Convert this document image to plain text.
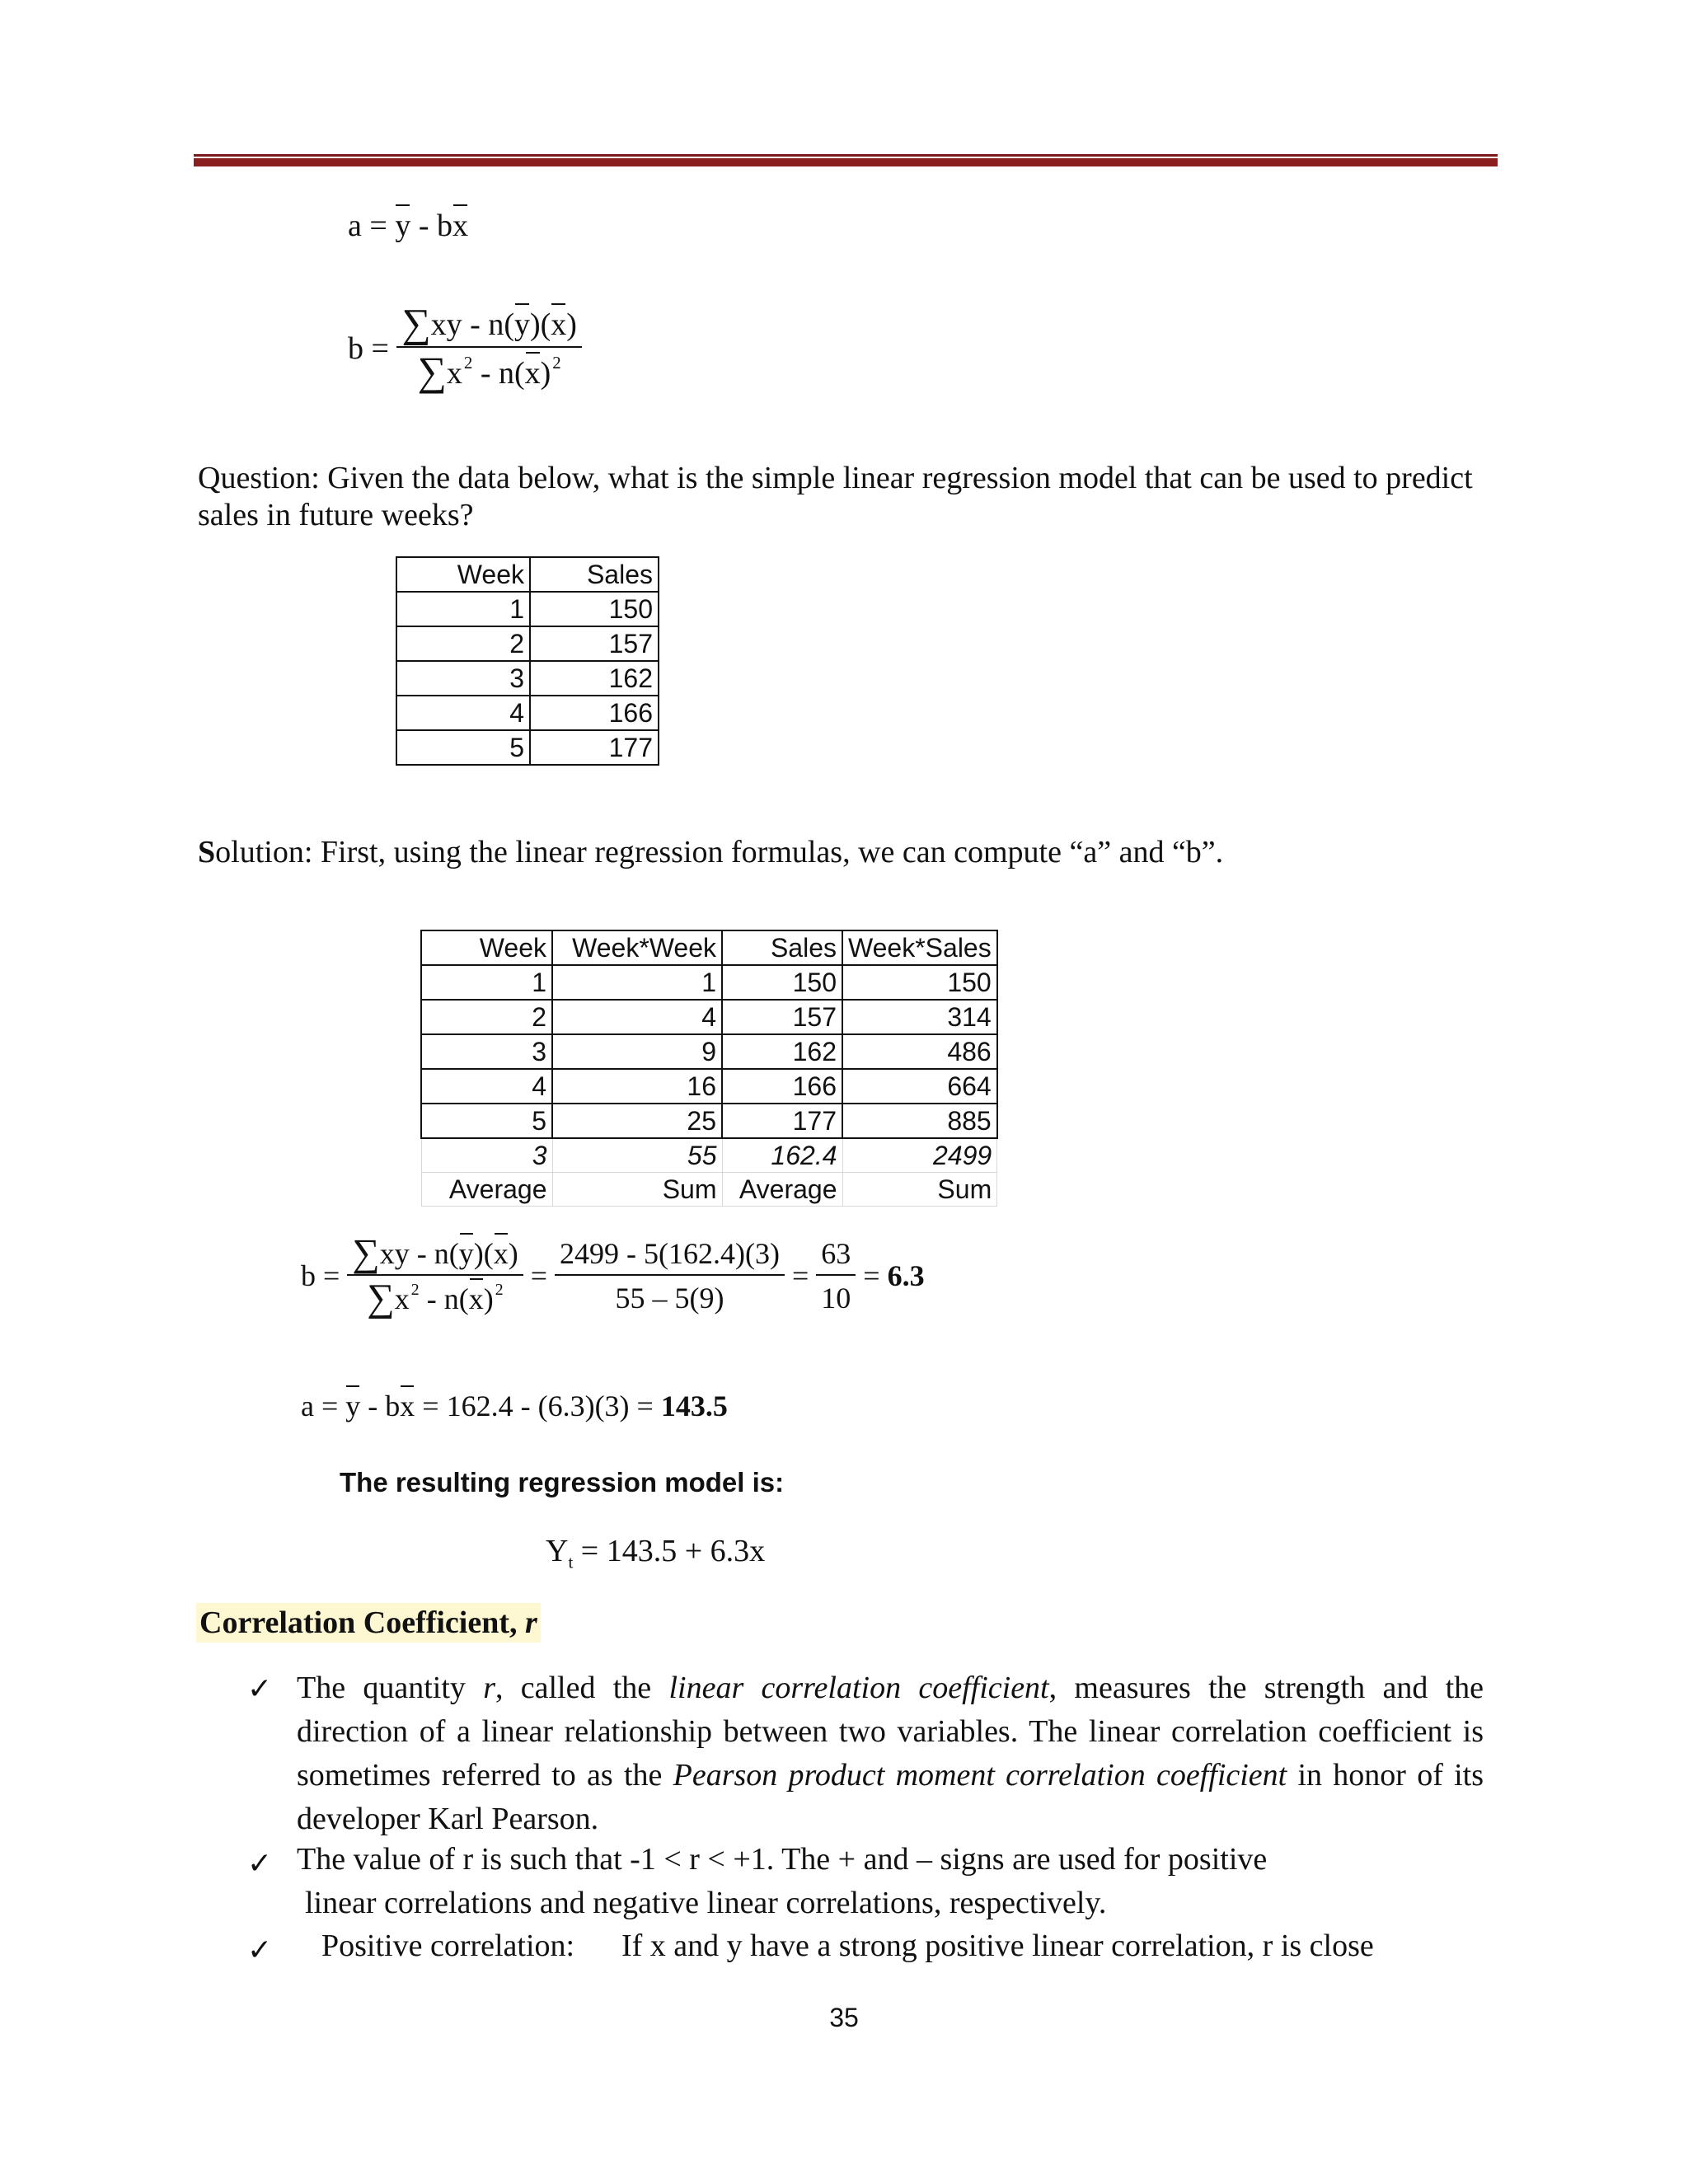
a
=
y
-
b x
b
=
$\frac{\sum xy - n(y)(x)}{\sum x^2 - n(x)^2}$
Question: Given the data below, what is the simple linear regression model that can be used to predict sales in future weeks?
Week	Sales
1	150
2	157
3	162
4	166
5	177
Solution: First, using the linear regression formulas, we can compute “a” and “b”.
Week	Week*Week	Sales	Week*Sales
1	1	150	150
2	4	157	314
3	9	162	486
4	16	166	664
5	25	177	885
3	55	162.4	2499
Average	Sum	Average	Sum
b
=
$\frac{\sum xy - n(y)(x)}{\sum x ^2 - n(x) ^2}$
=
$\frac{2499 - 5(162.4)(3)}{55 - 5(9)}$
=
$\frac{63}{10}$
=
6.3
a
=
y
-
b x
= 162.4 - (6.3)(3) =
143.5
The resulting regression model is:
$Y_t = 143.5 + 6.3x$
Correlation Coefficient, r
✓ The quantity r, called the linear correlation coefficient, measures the strength and the direction of a linear relationship between two variables. The linear correlation coefficient is sometimes referred to as the Pearson product moment correlation coefficient in honor of its developer Karl Pearson.
✓ The value of r is such that -1 < r < +1. The + and – signs are used for positive
linear correlations and negative linear correlations, respectively.
✓ Positive correlation: If x and y have a strong positive linear correlation, r is close
35
